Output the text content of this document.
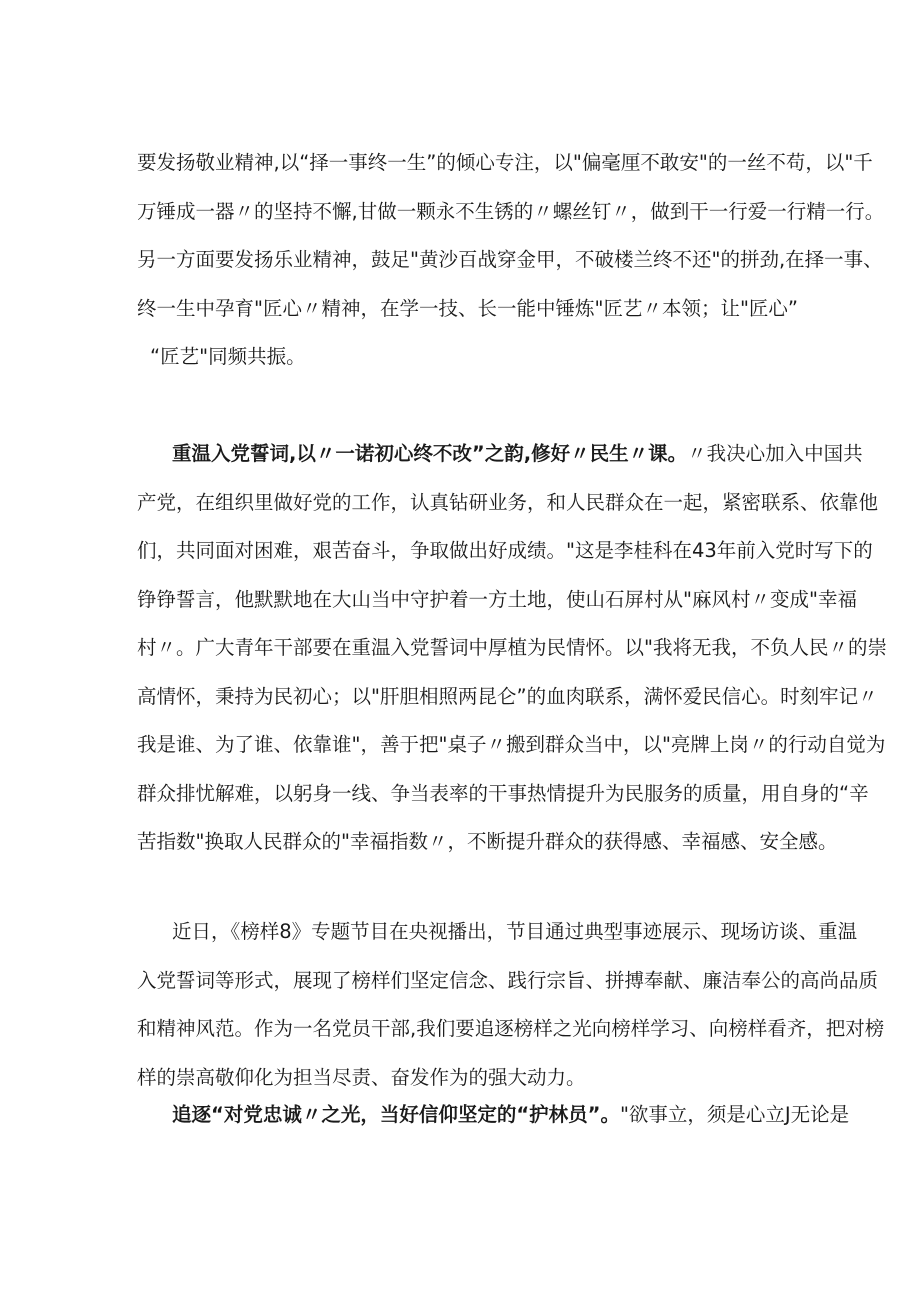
要发扬敬业精神,以“择一事终一生”的倾心专注，以"偏毫厘不敢安"的一丝不苟，以"千
万锤成一器〃的坚持不懈,甘做一颗永不生锈的〃螺丝钉〃，做到干一行爱一行精一行。
另一方面要发扬乐业精神，鼓足"黄沙百战穿金甲，不破楼兰终不还"的拼劲,在择一事、
终一生中孕育"匠心〃精神，在学一技、长一能中锤炼"匠艺〃本领；让"匠心”
“匠艺"同频共振。
重温入党誓词,以〃一诺初心终不改”之韵,修好〃民生〃课。〃我决心加入中国共
产党，在组织里做好党的工作，认真钻研业务，和人民群众在一起，紧密联系、依靠他
们，共同面对困难，艰苦奋斗，争取做出好成绩。"这是李桂科在43年前入党时写下的
铮铮誓言，他默默地在大山当中守护着一方土地，使山石屏村从"麻风村〃变成"幸福
村〃。广大青年干部要在重温入党誓词中厚植为民情怀。以"我将无我，不负人民〃的崇
高情怀，秉持为民初心；以"肝胆相照两昆仑”的血肉联系，满怀爱民信心。时刻牢记〃
我是谁、为了谁、依靠谁"，善于把"桌子〃搬到群众当中，以"亮牌上岗〃的行动自觉为
群众排忧解难，以躬身一线、争当表率的干事热情提升为民服务的质量，用自身的“辛
苦指数"换取人民群众的"幸福指数〃，不断提升群众的获得感、幸福感、安全感。
近日，《榜样8》专题节目在央视播出，节目通过典型事迹展示、现场访谈、重温
入党誓词等形式，展现了榜样们坚定信念、践行宗旨、拼搏奉献、廉洁奉公的高尚品质
和精神风范。作为一名党员干部,我们要追逐榜样之光向榜样学习、向榜样看齐，把对榜
样的崇高敬仰化为担当尽责、奋发作为的强大动力。
追逐“对党忠诚〃之光，当好信仰坚定的“护林员”。"欲事立，须是心立J无论是
